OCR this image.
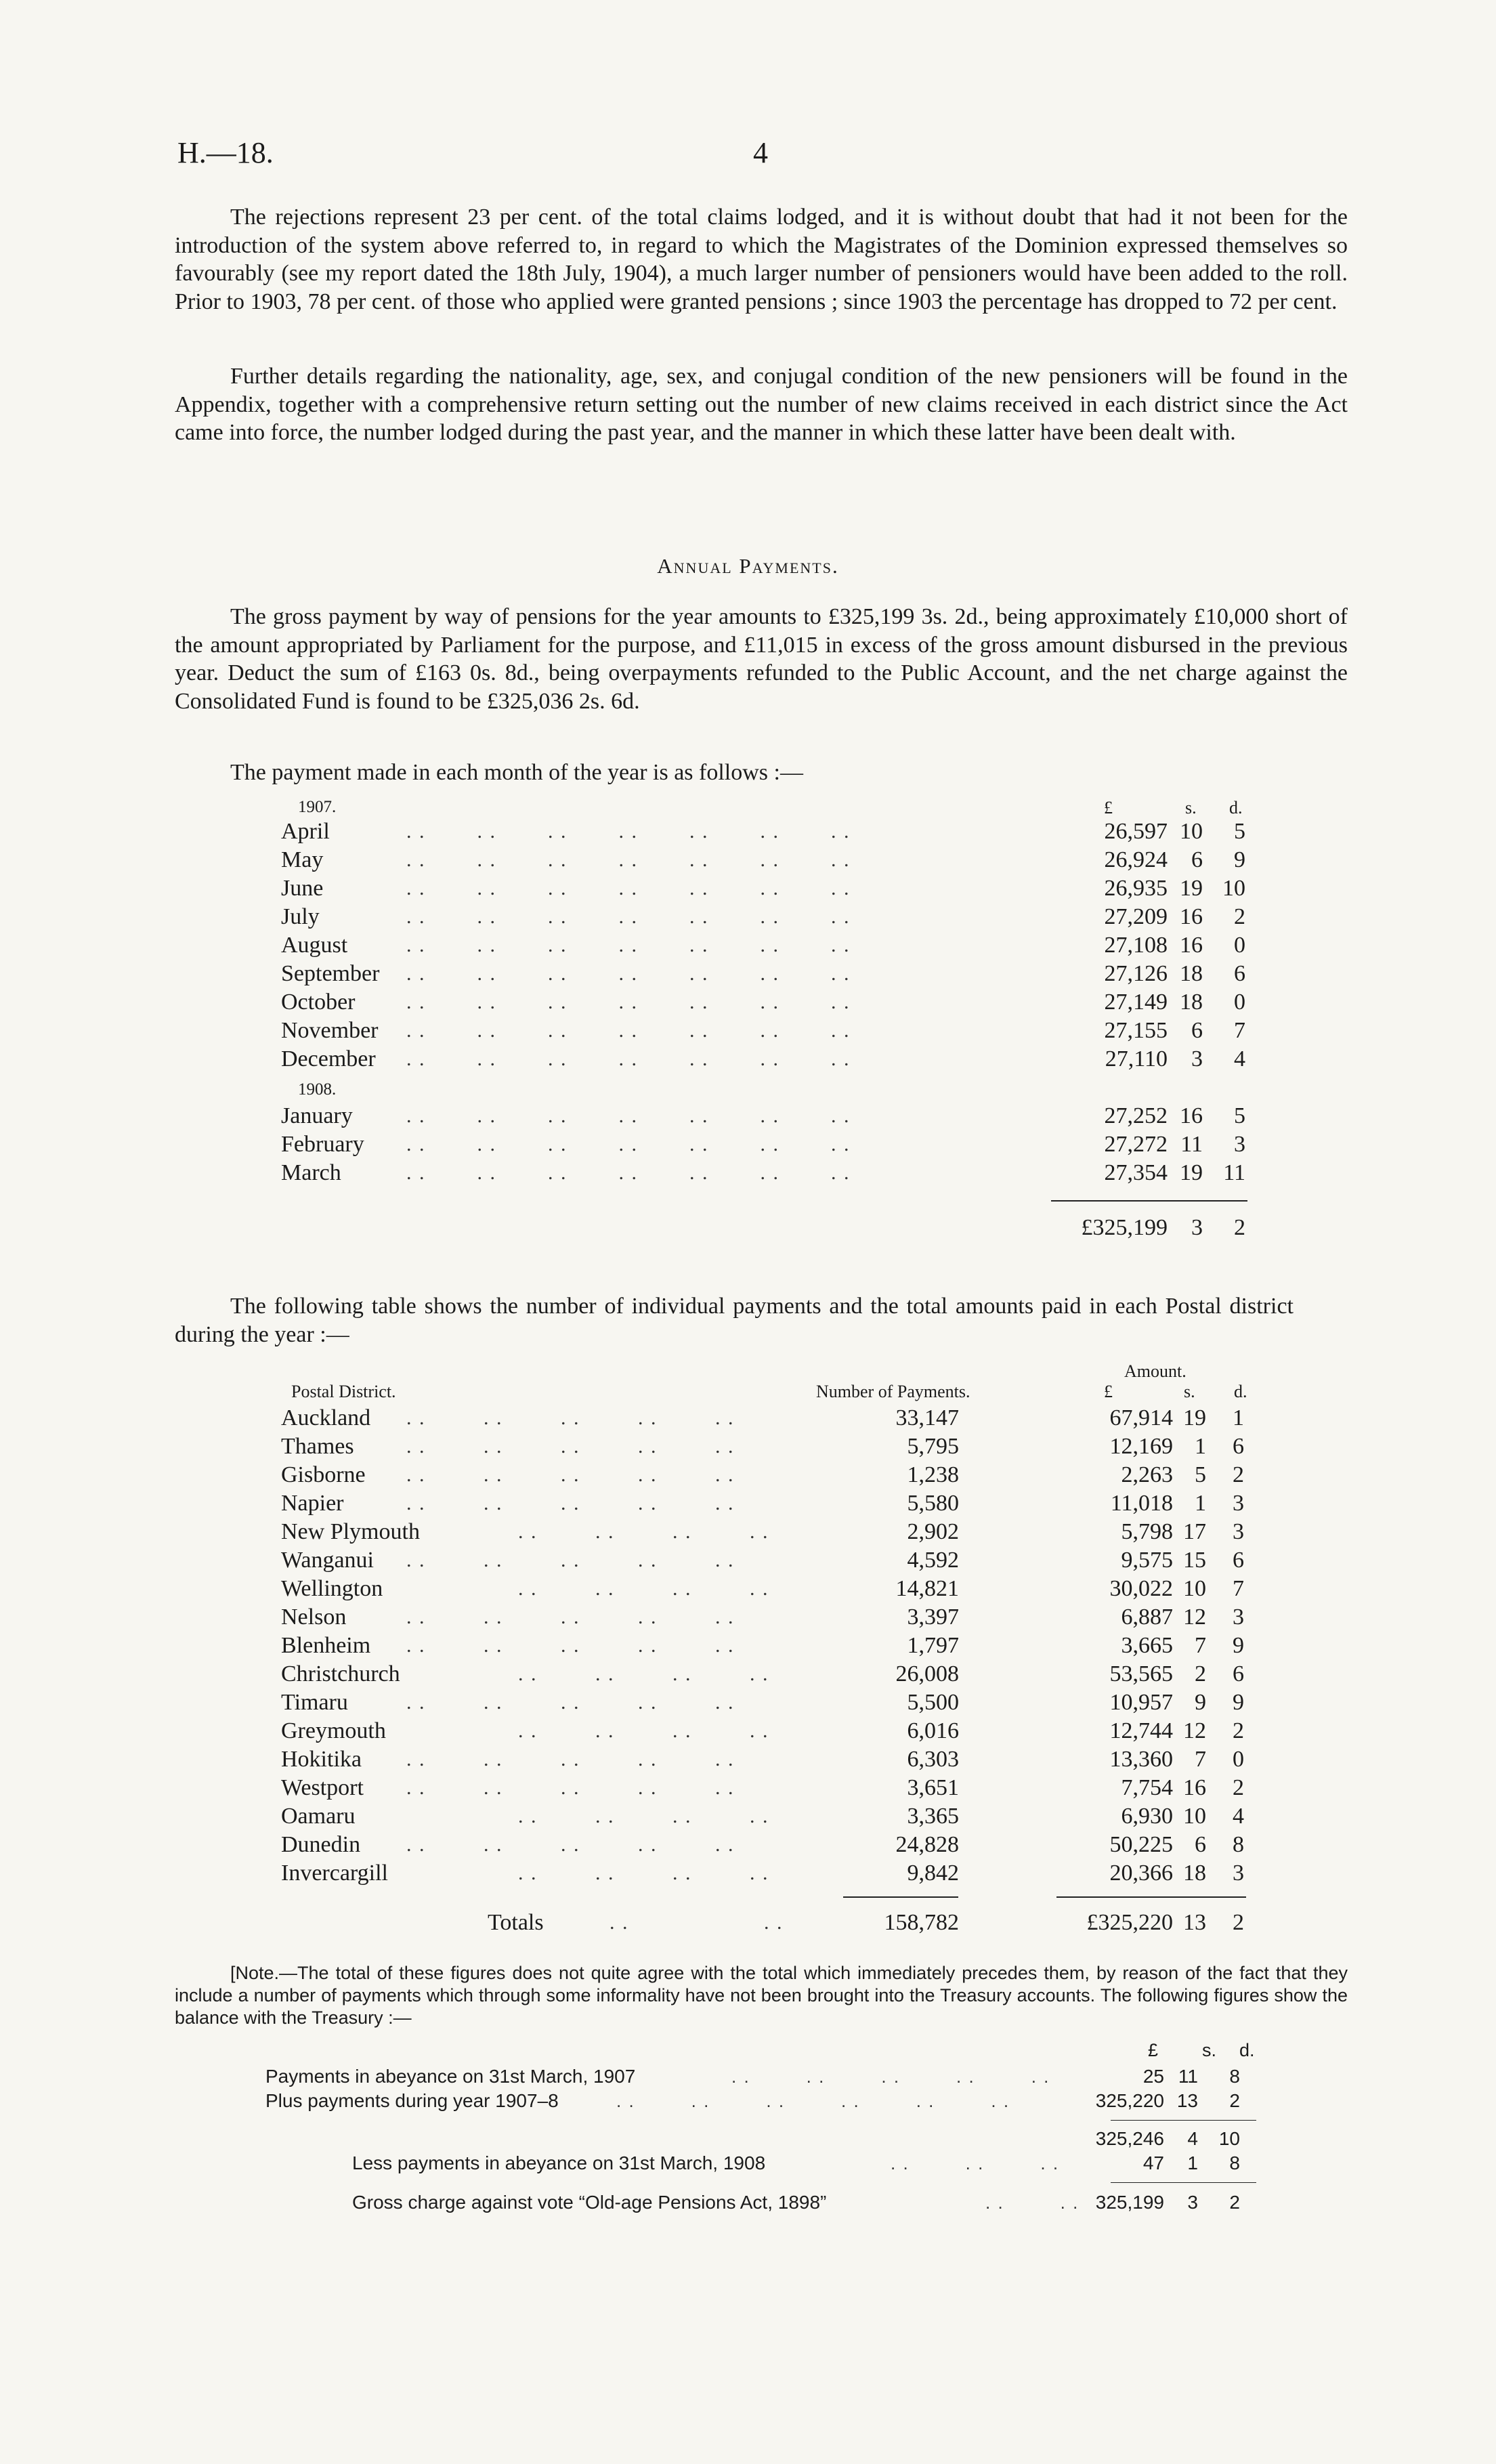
H.—18.	4

The rejections represent 23 per cent. of the total claims lodged, and it is without doubt that had it not been for the introduction of the system above referred to, in regard to which the Magistrates of the Dominion expressed themselves so favourably (see my report dated the 18th July, 1904), a much larger number of pensioners would have been added to the roll. Prior to 1903, 78 per cent. of those who applied were granted pensions ; since 1903 the percentage has dropped to 72 per cent.

Further details regarding the nationality, age, sex, and conjugal condition of the new pensioners will be found in the Appendix, together with a comprehensive return setting out the number of new claims received in each district since the Act came into force, the number lodged during the past year, and the manner in which these latter have been dealt with.

Annual Payments.

The gross payment by way of pensions for the year amounts to £325,199 3s. 2d., being approximately £10,000 short of the amount appropriated by Parliament for the purpose, and £11,015 in excess of the gross amount disbursed in the previous year. Deduct the sum of £163 0s. 8d., being overpayments refunded to the Public Account, and the net charge against the Consolidated Fund is found to be £325,036 2s. 6d.

The payment made in each month of the year is as follows :—
£	s. d.
1907.
April	. .        . .        . .        . .        . .        . .        . .	26,597 10 5
May	. .        . .        . .        . .        . .        . .        . .	26,924 6 9
June	. .        . .        . .        . .        . .        . .        . .	26,935 19 10
July	. .        . .        . .        . .        . .        . .        . .	27,209 16 2
August	. .        . .        . .        . .        . .        . .        . .	27,108 16 0
September . .        . .        . .        . .        . .        . .        . .	27,126 18 6
October	. .        . .        . .        . .        . .        . .        . .	27,149 18 0
November . .        . .        . .        . .        . .        . .        . .	27,155 6 7
December . .        . .        . .        . .        . .        . .        . .	27,110 3 4
1908.
January	. .        . .        . .        . .        . .        . .        . .	27,252 16 5
February . .        . .        . .        . .        . .        . .        . .	27,272 11 3
March	. .        . .        . .        . .        . .        . .        . .	27,354 19 11
£325,199 3 2

The following table shows the number of individual payments and the total amounts paid in each Postal district during the year :—

Amount.
Postal District.	Number of Payments.	£	s. d.
Auckland . .         . .         . .         . .         . .	33,147	67,914 19 1
Thames	. .         . .         . .         . .         . .	5,795	12,169 1 6
Gisborne . .         . .         . .         . .         . .	1,238	2,263 5 2
Napier	. .         . .         . .         . .         . .	5,580	11,018 1 3
New Plymouth	. .         . .         . .         . .	2,902	5,798 17 3
Wanganui . .         . .         . .         . .         . .	4,592	9,575 15 6
Wellington	. .         . .         . .         . .	14,821	30,022 10 7
Nelson	. .         . .         . .         . .         . .	3,397	6,887 12 3
Blenheim . .         . .         . .         . .         . .	1,797	3,665 7 9
Christchurch	. .         . .         . .         . .	26,008	53,565 2 6
Timaru	. .         . .         . .         . .         . .	5,500	10,957 9 9
Greymouth	. .         . .         . .         . .	6,016	12,744 12 2
Hokitika . .         . .         . .         . .         . .	6,303	13,360 7 0
Westport . .         . .         . .         . .         . .	3,651	7,754 16 2
Oamaru	. .         . .         . .         . .	3,365	6,930 10 4
Dunedin . .         . .         . .         . .         . .	24,828	50,225 6 8
Invercargill	. .         . .         . .         . .	9,842	20,366 18 3
Totals	. .                     . .	158,782	£325,220 13 2

[Note.—The total of these figures does not quite agree with the total which immediately precedes them, by reason of the fact that they include a number of payments which through some informality have not been brought into the Treasury accounts. The following figures show the balance with the Treasury :—

£ s. d.
Payments in abeyance on 31st March, 1907	. .         . .         . .         . .         . .	25 11 8
Plus payments during year 1907–8	. .         . .         . .         . .         . .         . .	325,220 13 2
325,246 4 10
Less payments in abeyance on 31st March, 1908	. .         . .         . .	47 1 8
Gross charge against vote “Old-age Pensions Act, 1898”	. .         . . 325,199 3 2
